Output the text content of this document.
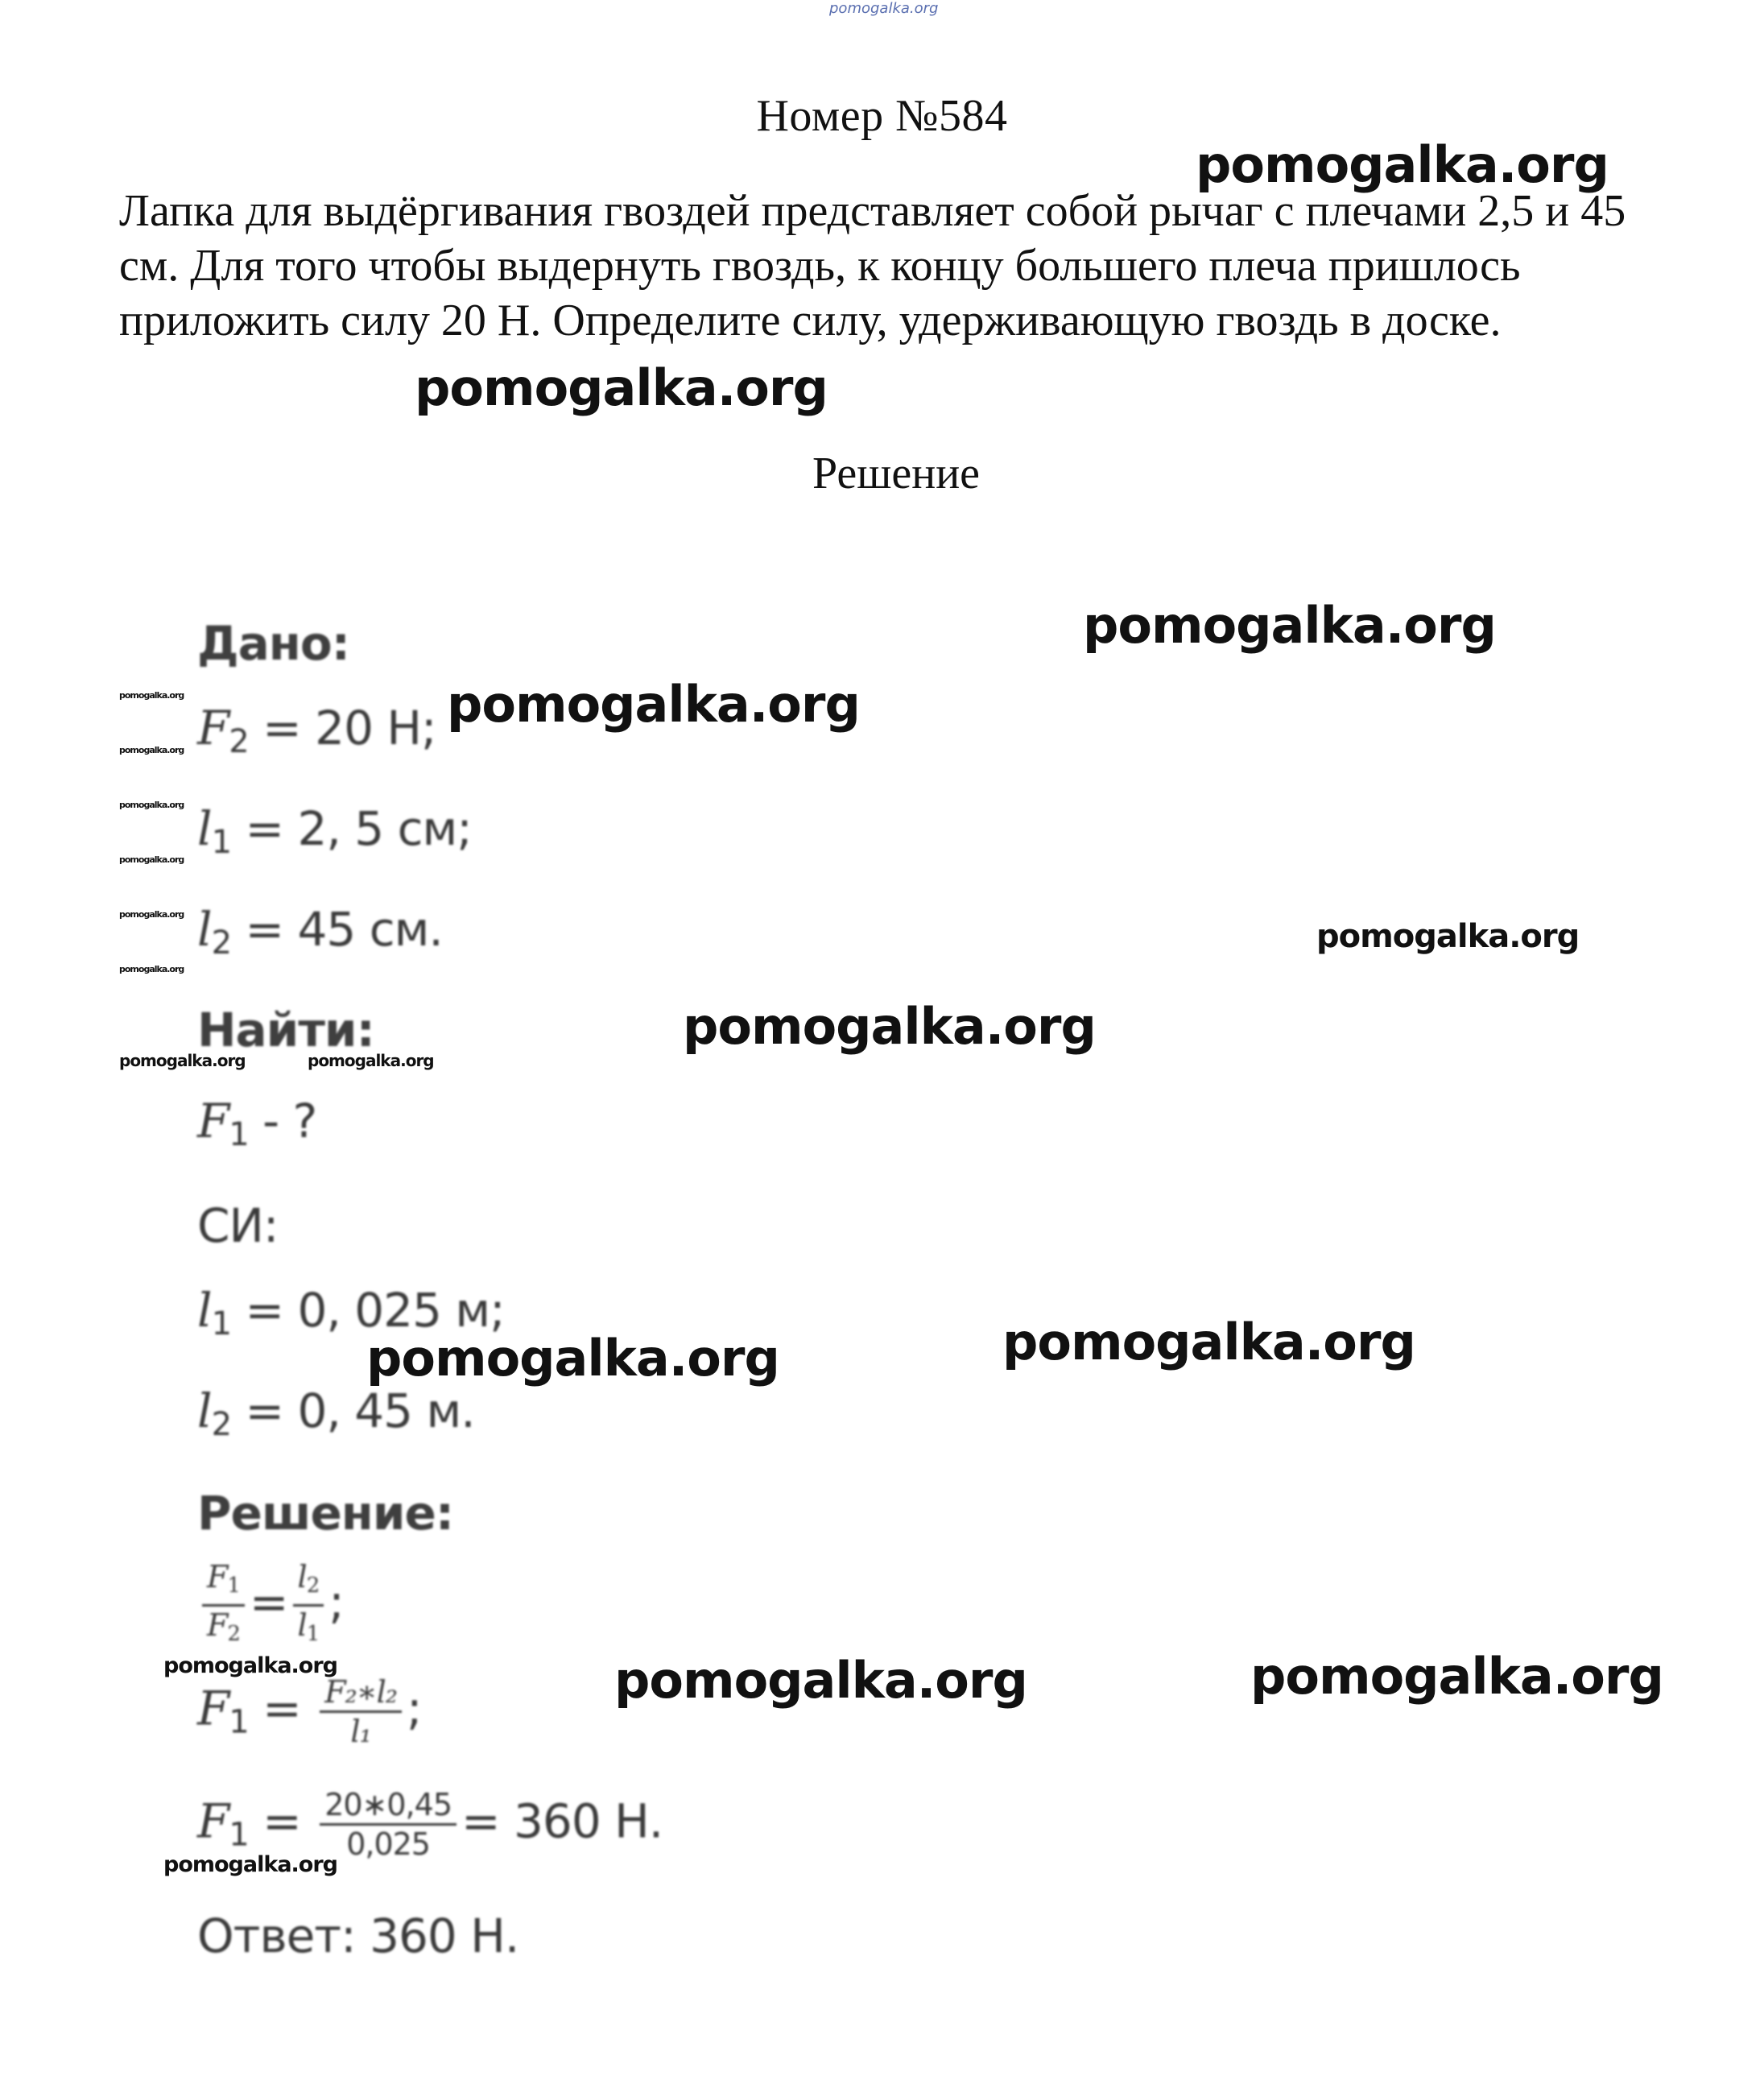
pomogalka.org
Номер №584

Лапка для выдёргивания гвоздей представляет собой рычаг с плечами 2,5 и 45 см. Для того чтобы выдернуть гвоздь, к концу большего плеча пришлось приложить силу 20 Н. Определите силу, удерживающую гвоздь в доске.

Решение
Дано:
$F_2 = 20$ Н;
$l_1 = 2$, 5 см;
$l_2 = 45$ см.
Найти:
$F_1$ - ?
СИ:
$l_1 = 0$, 025 м;
$l_2 = 0$, 45 м.
Решение:
$\frac{F_1}{F_2} = \frac{l_2}{l_1}$ ;
$F_1 = \frac{\text{F₂∗l₂}}{\text{l₁}}$ ;
$F_1 = \frac{20∗0,45}{0,025} = 360$ Н.
Ответ: 360 Н.
pomogalka.org
pomogalka.org
pomogalka.org
pomogalka.org
pomogalka.org
pomogalka.org
pomogalka.org	pomogalka.org
pomogalka.org
pomogalka.org
pomogalka.org	pomogalka.org
pomogalka.org
pomogalka.org
pomogalka.org
pomogalka.org
pomogalka.org
pomogalka.org
pomogalka.org
pomogalka.org
